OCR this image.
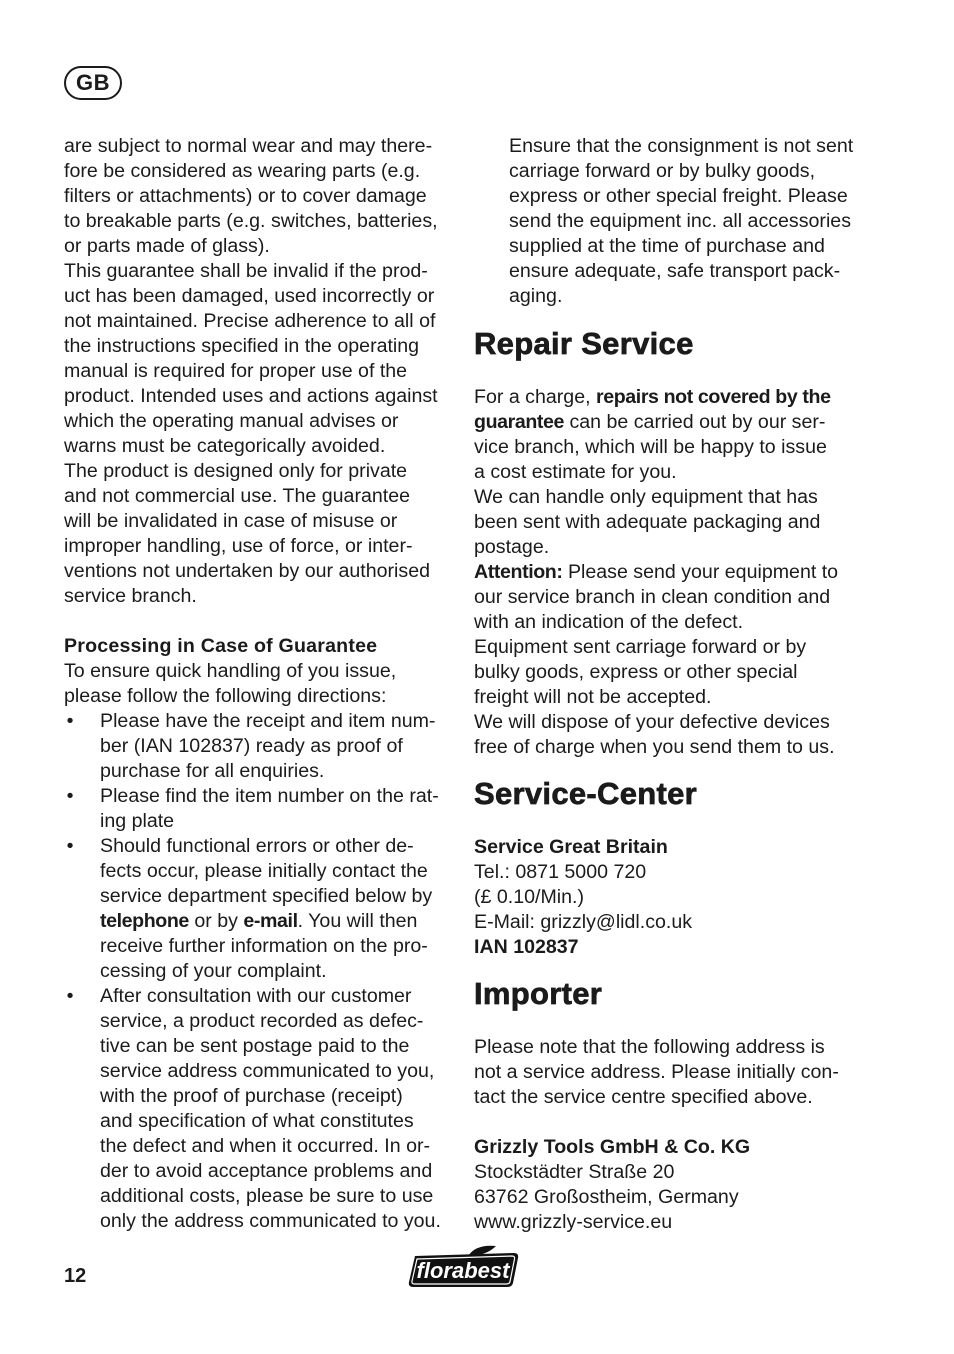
GB
are subject to normal wear and may there-
fore be considered as wearing parts (e.g.
filters or attachments) or to cover damage
to breakable parts (e.g. switches, batteries,
or parts made of glass).
This guarantee shall be invalid if the prod-
uct has been damaged, used incorrectly or
not maintained. Precise adherence to all of
the instructions specified in the operating
manual is required for proper use of the
product. Intended uses and actions against
which the operating manual advises or
warns must be categorically avoided.
The product is designed only for private
and not commercial use. The guarantee
will be invalidated in case of misuse or
improper handling, use of force, or inter-
ventions not undertaken by our authorised
service branch.
Processing in Case of Guarantee
To ensure quick handling of you issue,
please follow the following directions:
• Please have the receipt and item num-
ber (IAN 102837) ready as proof of
purchase for all enquiries.
• Please find the item number on the rat-
ing plate
• Should functional errors or other de-
fects occur, please initially contact the
service department specified below by
telephone or by e-mail. You will then
receive further information on the pro-
cessing of your complaint.
• After consultation with our customer
service, a product recorded as defec-
tive can be sent postage paid to the
service address communicated to you,
with the proof of purchase (receipt)
and specification of what constitutes
the defect and when it occurred. In or-
der to avoid acceptance problems and
additional costs, please be sure to use
only the address communicated to you.
Ensure that the consignment is not sent
carriage forward or by bulky goods,
express or other special freight. Please
send the equipment inc. all accessories
supplied at the time of purchase and
ensure adequate, safe transport pack-
aging.
Repair Service
For a charge, repairs not covered by the
guarantee can be carried out by our ser-
vice branch, which will be happy to issue
a cost estimate for you.
We can handle only equipment that has
been sent with adequate packaging and
postage.
Attention: Please send your equipment to
our service branch in clean condition and
with an indication of the defect.
Equipment sent carriage forward or by
bulky goods, express or other special
freight will not be accepted.
We will dispose of your defective devices
free of charge when you send them to us.
Service-Center
Service Great Britain
Tel.: 0871 5000 720
(£ 0.10/Min.)
E-Mail: grizzly@lidl.co.uk
IAN 102837
Importer
Please note that the following address is
not a service address. Please initially con-
tact the service centre specified above.
Grizzly Tools GmbH & Co. KG
Stockstädter Straße 20
63762 Großostheim, Germany
www.grizzly-service.eu
12	florabest
